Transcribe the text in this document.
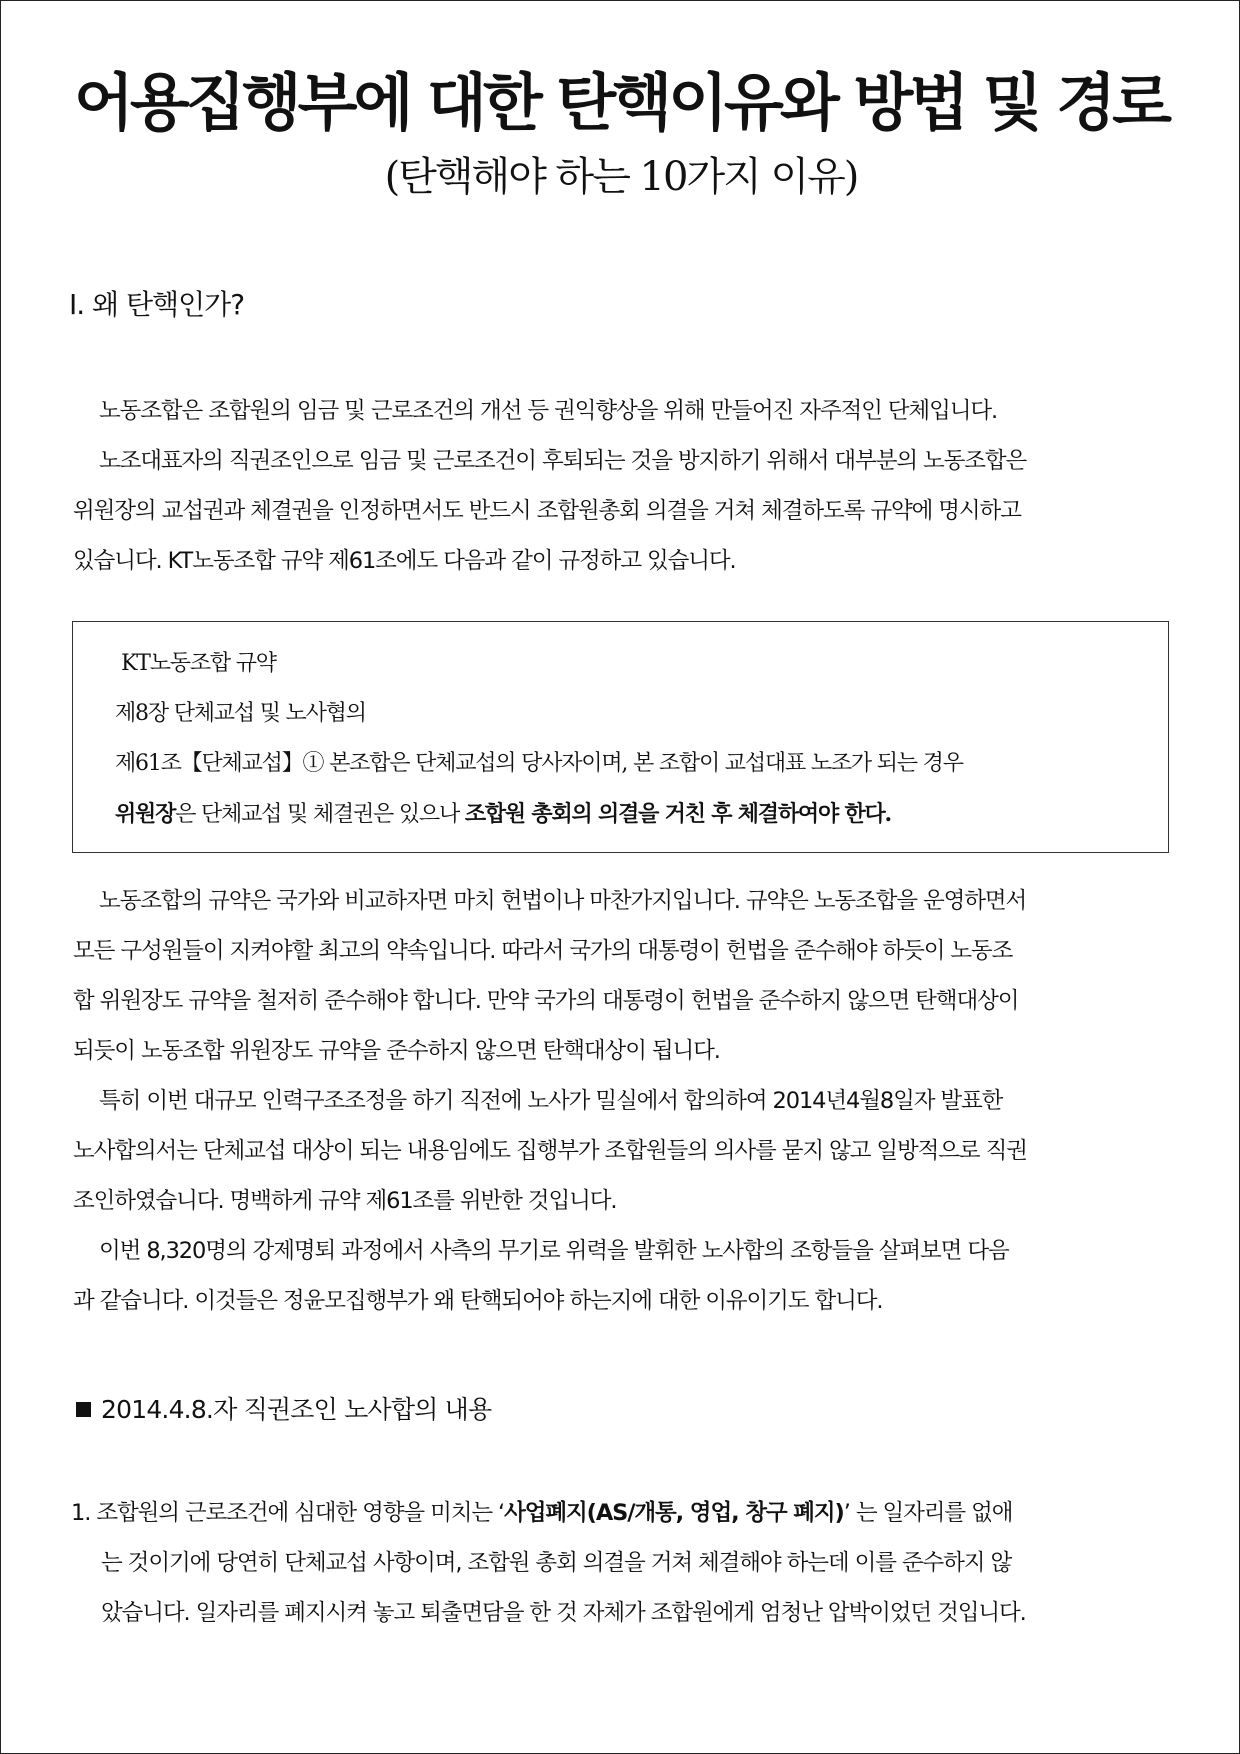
어용집행부에 대한 탄핵이유와 방법 및 경로
(탄핵해야 하는 10가지 이유)
Ⅰ. 왜 탄핵인가?
노동조합은 조합원의 임금 및 근로조건의 개선 등 권익향상을 위해 만들어진 자주적인 단체입니다.
노조대표자의 직권조인으로 임금 및 근로조건이 후퇴되는 것을 방지하기 위해서 대부분의 노동조합은
위원장의 교섭권과 체결권을 인정하면서도 반드시 조합원총회 의결을 거쳐 체결하도록 규약에 명시하고
있습니다. KT노동조합 규약 제61조에도 다음과 같이 규정하고 있습니다.
KT노동조합 규약
제8장 단체교섭 및 노사협의
제61조【단체교섭】① 본조합은 단체교섭의 당사자이며, 본 조합이 교섭대표 노조가 되는 경우
위원장은 단체교섭 및 체결권은 있으나 조합원 총회의 의결을 거친 후 체결하여야 한다.
노동조합의 규약은 국가와 비교하자면 마치 헌법이나 마찬가지입니다. 규약은 노동조합을 운영하면서
모든 구성원들이 지켜야할 최고의 약속입니다. 따라서 국가의 대통령이 헌법을 준수해야 하듯이 노동조
합 위원장도 규약을 철저히 준수해야 합니다. 만약 국가의 대통령이 헌법을 준수하지 않으면 탄핵대상이
되듯이 노동조합 위원장도 규약을 준수하지 않으면 탄핵대상이 됩니다.
특히 이번 대규모 인력구조조정을 하기 직전에 노사가 밀실에서 합의하여 2014년4월8일자 발표한
노사합의서는 단체교섭 대상이 되는 내용임에도 집행부가 조합원들의 의사를 묻지 않고 일방적으로 직권
조인하였습니다. 명백하게 규약 제61조를 위반한 것입니다.
이번 8,320명의 강제명퇴 과정에서 사측의 무기로 위력을 발휘한 노사합의 조항들을 살펴보면 다음
과 같습니다. 이것들은 정윤모집행부가 왜 탄핵되어야 하는지에 대한 이유이기도 합니다.
2014.4.8.자 직권조인 노사합의 내용
1. 조합원의 근로조건에 심대한 영향을 미치는 ‘사업폐지(AS/개통, 영업, 창구 폐지)’ 는 일자리를 없애
는 것이기에 당연히 단체교섭 사항이며, 조합원 총회 의결을 거쳐 체결해야 하는데 이를 준수하지 않
았습니다. 일자리를 폐지시켜 놓고 퇴출면담을 한 것 자체가 조합원에게 엄청난 압박이었던 것입니다.
